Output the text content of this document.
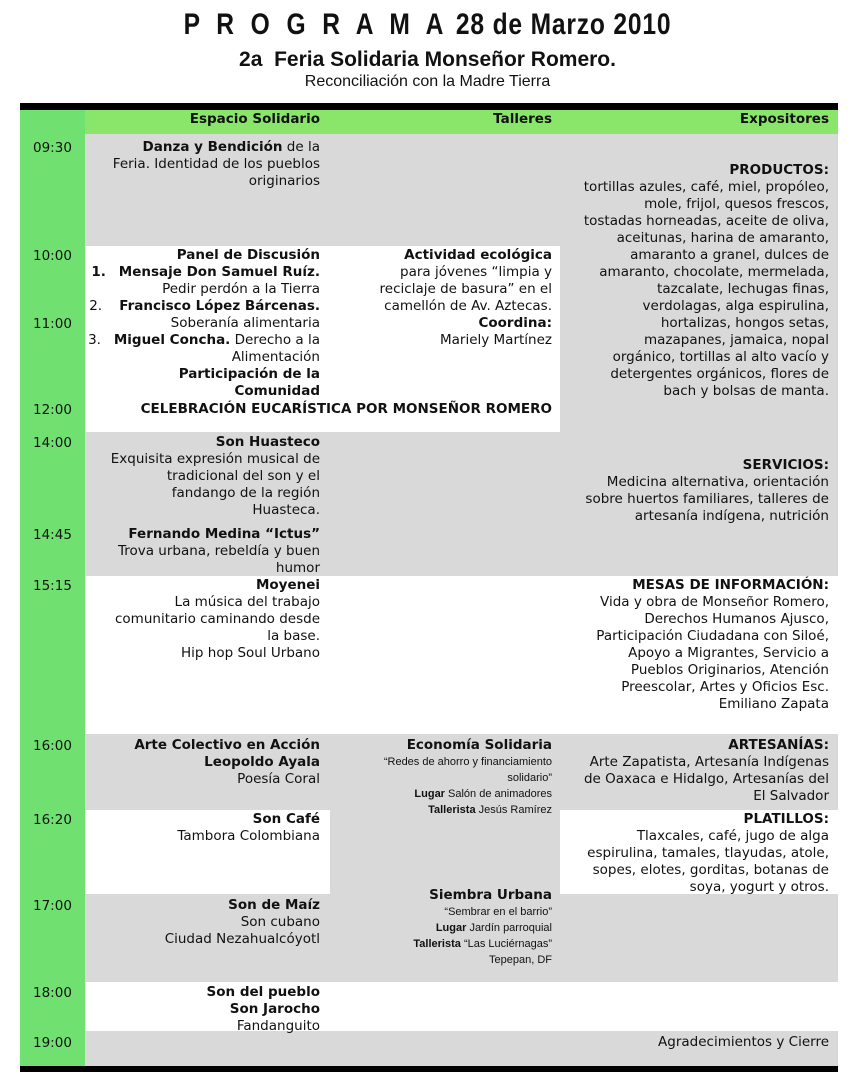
P R O G R A M A 28 de Marzo 2010
2a Feria Solidaria Monseñor Romero.
Reconciliación con la Madre Tierra
Espacio Solidario	Talleres	Expositores
09:30
10:00
11:00
12:00
14:00
14:45
15:15
16:00
16:20
17:00
18:00
19:00
Danza y Bendición de la
Feria. Identidad de los pueblos
originarios
Panel de Discusión
1. Mensaje Don Samuel Ruíz.
Pedir perdón a la Tierra
2. Francisco López Bárcenas.
Soberanía alimentaria
3. Miguel Concha. Derecho a la
Alimentación
Participación de la
Comunidad
CELEBRACIÓN EUCARÍSTICA POR MONSEÑOR ROMERO
Son Huasteco
Exquisita expresión musical de
tradicional del son y el
fandango de la región
Huasteca.
Fernando Medina “Ictus”
Trova urbana, rebeldía y buen
humor
Moyenei
La música del trabajo
comunitario caminando desde
la base.
Hip hop Soul Urbano
Arte Colectivo en Acción
Leopoldo Ayala
Poesía Coral
Son Café
Tambora Colombiana
Son de Maíz
Son cubano
Ciudad Nezahualcóyotl
Son del pueblo
Son Jarocho
Fandanguito
Actividad ecológica
para jóvenes “limpia y
reciclaje de basura” en el
camellón de Av. Aztecas.
Coordina:
Mariely Martínez
Economía Solidaria
“Redes de ahorro y financiamiento
solidario”
Lugar Salón de animadores
Tallerista Jesús Ramírez
Siembra Urbana
“Sembrar en el barrio”
Lugar Jardín parroquial
Tallerista “Las Luciérnagas”
Tepepan, DF
PRODUCTOS:
tortillas azules, café, miel, propóleo,
mole, frijol, quesos frescos,
tostadas horneadas, aceite de oliva,
aceitunas, harina de amaranto,
amaranto a granel, dulces de
amaranto, chocolate, mermelada,
tazcalate, lechugas finas,
verdolagas, alga espirulina,
hortalizas, hongos setas,
mazapanes, jamaica, nopal
orgánico, tortillas al alto vacío y
detergentes orgánicos, flores de
bach y bolsas de manta.
SERVICIOS:
Medicina alternativa, orientación
sobre huertos familiares, talleres de
artesanía indígena, nutrición
MESAS DE INFORMACIÓN:
Vida y obra de Monseñor Romero,
Derechos Humanos Ajusco,
Participación Ciudadana con Siloé,
Apoyo a Migrantes, Servicio a
Pueblos Originarios, Atención
Preescolar, Artes y Oficios Esc.
Emiliano Zapata
ARTESANÍAS:
Arte Zapatista, Artesanía Indígenas
de Oaxaca e Hidalgo, Artesanías del
El Salvador
PLATILLOS:
Tlaxcales, café, jugo de alga
espirulina, tamales, tlayudas, atole,
sopes, elotes, gorditas, botanas de
soya, yogurt y otros.
Agradecimientos y Cierre
